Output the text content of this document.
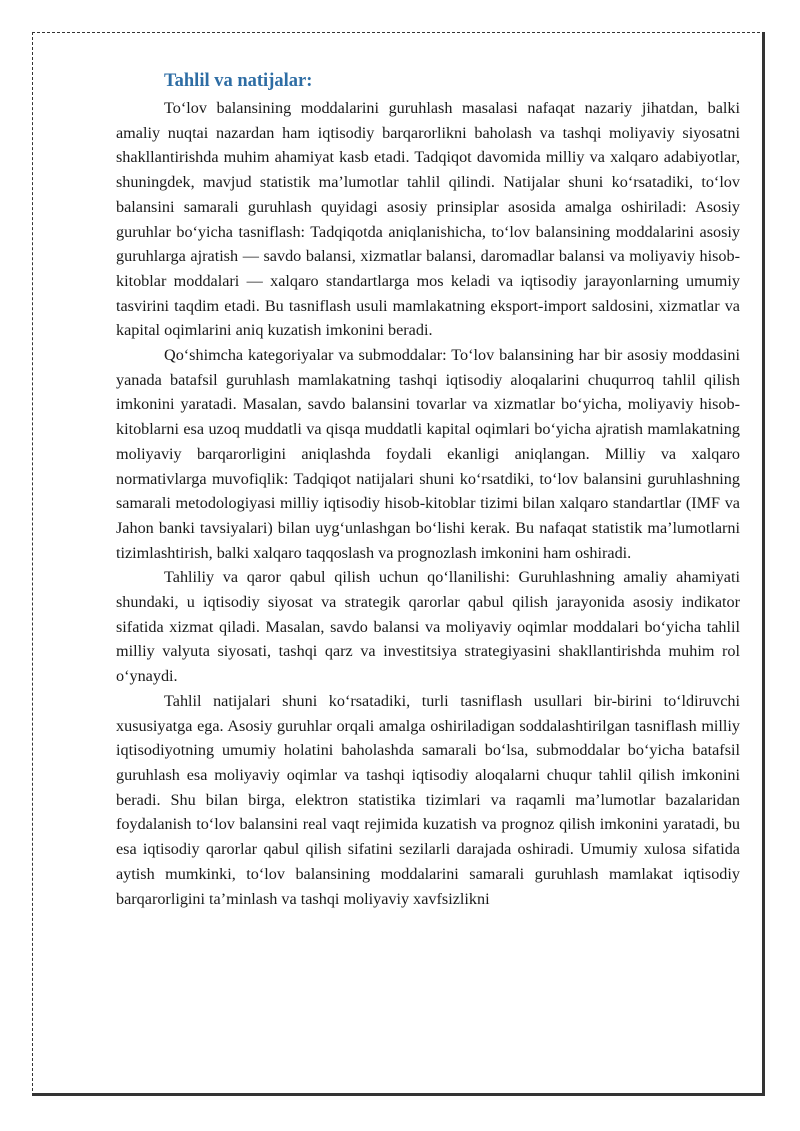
Tahlil va natijalar:

To‘lov balansining moddalarini guruhlash masalasi nafaqat nazariy jihatdan, balki amaliy nuqtai nazardan ham iqtisodiy barqarorlikni baholash va tashqi moliyaviy siyosatni shakllantirishda muhim ahamiyat kasb etadi. Tadqiqot davomida milliy va xalqaro adabiyotlar, shuningdek, mavjud statistik ma’lumotlar tahlil qilindi. Natijalar shuni ko‘rsatadiki, to‘lov balansini samarali guruhlash quyidagi asosiy prinsiplar asosida amalga oshiriladi: Asosiy guruhlar bo‘yicha tasniflash: Tadqiqotda aniqlanishicha, to‘lov balansining moddalarini asosiy guruhlarga ajratish — savdo balansi, xizmatlar balansi, daromadlar balansi va moliyaviy hisob-kitoblar moddalari — xalqaro standartlarga mos keladi va iqtisodiy jarayonlarning umumiy tasvirini taqdim etadi. Bu tasniflash usuli mamlakatning eksport-import saldosini, xizmatlar va kapital oqimlarini aniq kuzatish imkonini beradi.

Qo‘shimcha kategoriyalar va submoddalar: To‘lov balansining har bir asosiy moddasini yanada batafsil guruhlash mamlakatning tashqi iqtisodiy aloqalarini chuqurroq tahlil qilish imkonini yaratadi. Masalan, savdo balansini tovarlar va xizmatlar bo‘yicha, moliyaviy hisob-kitoblarni esa uzoq muddatli va qisqa muddatli kapital oqimlari bo‘yicha ajratish mamlakatning moliyaviy barqarorligini aniqlashda foydali ekanligi aniqlangan. Milliy va xalqaro normativlarga muvofiqlik: Tadqiqot natijalari shuni ko‘rsatdiki, to‘lov balansini guruhlashning samarali metodologiyasi milliy iqtisodiy hisob-kitoblar tizimi bilan xalqaro standartlar (IMF va Jahon banki tavsiyalari) bilan uyg‘unlashgan bo‘lishi kerak. Bu nafaqat statistik ma’lumotlarni tizimlashtirish, balki xalqaro taqqoslash va prognozlash imkonini ham oshiradi.

Tahliliy va qaror qabul qilish uchun qo‘llanilishi: Guruhlashning amaliy ahamiyati shundaki, u iqtisodiy siyosat va strategik qarorlar qabul qilish jarayonida asosiy indikator sifatida xizmat qiladi. Masalan, savdo balansi va moliyaviy oqimlar moddalari bo‘yicha tahlil milliy valyuta siyosati, tashqi qarz va investitsiya strategiyasini shakllantirishda muhim rol o‘ynaydi.

Tahlil natijalari shuni ko‘rsatadiki, turli tasniflash usullari bir-birini to‘ldiruvchi xususiyatga ega. Asosiy guruhlar orqali amalga oshiriladigan soddalashtirilgan tasniflash milliy iqtisodiyotning umumiy holatini baholashda samarali bo‘lsa, submoddalar bo‘yicha batafsil guruhlash esa moliyaviy oqimlar va tashqi iqtisodiy aloqalarni chuqur tahlil qilish imkonini beradi. Shu bilan birga, elektron statistika tizimlari va raqamli ma’lumotlar bazalaridan foydalanish to‘lov balansini real vaqt rejimida kuzatish va prognoz qilish imkonini yaratadi, bu esa iqtisodiy qarorlar qabul qilish sifatini sezilarli darajada oshiradi. Umumiy xulosa sifatida aytish mumkinki, to‘lov balansining moddalarini samarali guruhlash mamlakat iqtisodiy barqarorligini ta’minlash va tashqi moliyaviy xavfsizlikni
